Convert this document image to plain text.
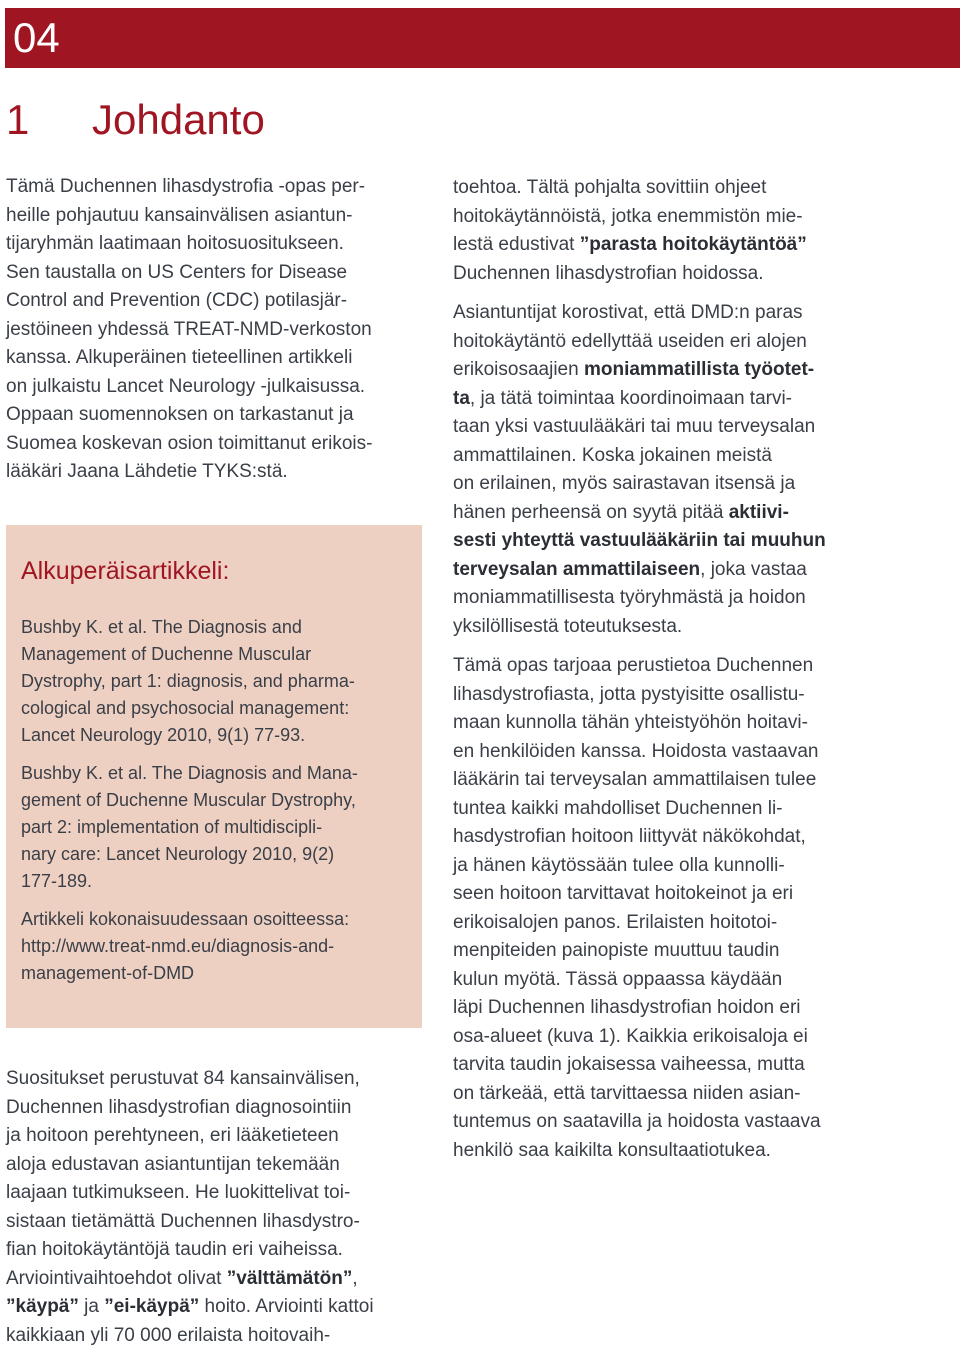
04
1 Johdanto
Tämä Duchennen lihasdystrofia -opas per-
heille pohjautuu kansainvälisen asiantun-
tijaryhmän laatimaan hoitosuositukseen.
Sen taustalla on US Centers for Disease
Control and Prevention (CDC) potilasjär-
jestöineen yhdessä TREAT-NMD-verkoston
kanssa. Alkuperäinen tieteellinen artikkeli
on julkaistu Lancet Neurology -julkaisussa.
Oppaan suomennoksen on tarkastanut ja
Suomea koskevan osion toimittanut erikois-
lääkäri Jaana Lähdetie TYKS:stä.
Alkuperäisartikkeli:
Bushby K. et al. The Diagnosis and
Management of Duchenne Muscular
Dystrophy, part 1: diagnosis, and pharma-
cological and psychosocial management:
Lancet Neurology 2010, 9(1) 77-93.
Bushby K. et al. The Diagnosis and Mana-
gement of Duchenne Muscular Dystrophy,
part 2: implementation of multidiscipli-
nary care: Lancet Neurology 2010, 9(2)
177-189.
Artikkeli kokonaisuudessaan osoitteessa:
http://www.treat-nmd.eu/diagnosis-and-
management-of-DMD
Suositukset perustuvat 84 kansainvälisen,
Duchennen lihasdystrofian diagnosointiin
ja hoitoon perehtyneen, eri lääketieteen
aloja edustavan asiantuntijan tekemään
laajaan tutkimukseen. He luokittelivat toi-
sistaan tietämättä Duchennen lihasdystro-
fian hoitokäytäntöjä taudin eri vaiheissa.
Arviointivaihtoehdot olivat ”välttämätön”,
”käypä” ja ”ei-käypä” hoito. Arviointi kattoi
kaikkiaan yli 70 000 erilaista hoitovaih-
toehtoa. Tältä pohjalta sovittiin ohjeet
hoitokäytännöistä, jotka enemmistön mie-
lestä edustivat ”parasta hoitokäytäntöä”
Duchennen lihasdystrofian hoidossa.
Asiantuntijat korostivat, että DMD:n paras
hoitokäytäntö edellyttää useiden eri alojen
erikoisosaajien moniammatillista työotet-
ta, ja tätä toimintaa koordinoimaan tarvi-
taan yksi vastuulääkäri tai muu terveysalan
ammattilainen. Koska jokainen meistä
on erilainen, myös sairastavan itsensä ja
hänen perheensä on syytä pitää aktiivi-
sesti yhteyttä vastuulääkäriin tai muuhun
terveysalan ammattilaiseen, joka vastaa
moniammatillisesta työryhmästä ja hoidon
yksilöllisestä toteutuksesta.
Tämä opas tarjoaa perustietoa Duchennen
lihasdystrofiasta, jotta pystyisitte osallistu-
maan kunnolla tähän yhteistyöhön hoitavi-
en henkilöiden kanssa. Hoidosta vastaavan
lääkärin tai terveysalan ammattilaisen tulee
tuntea kaikki mahdolliset Duchennen li-
hasdystrofian hoitoon liittyvät näkökohdat,
ja hänen käytössään tulee olla kunnolli-
seen hoitoon tarvittavat hoitokeinot ja eri
erikoisalojen panos. Erilaisten hoitotoi-
menpiteiden painopiste muuttuu taudin
kulun myötä. Tässä oppaassa käydään
läpi Duchennen lihasdystrofian hoidon eri
osa-alueet (kuva 1). Kaikkia erikoisaloja ei
tarvita taudin jokaisessa vaiheessa, mutta
on tärkeää, että tarvittaessa niiden asian-
tuntemus on saatavilla ja hoidosta vastaava
henkilö saa kaikilta konsultaatiotukea.
